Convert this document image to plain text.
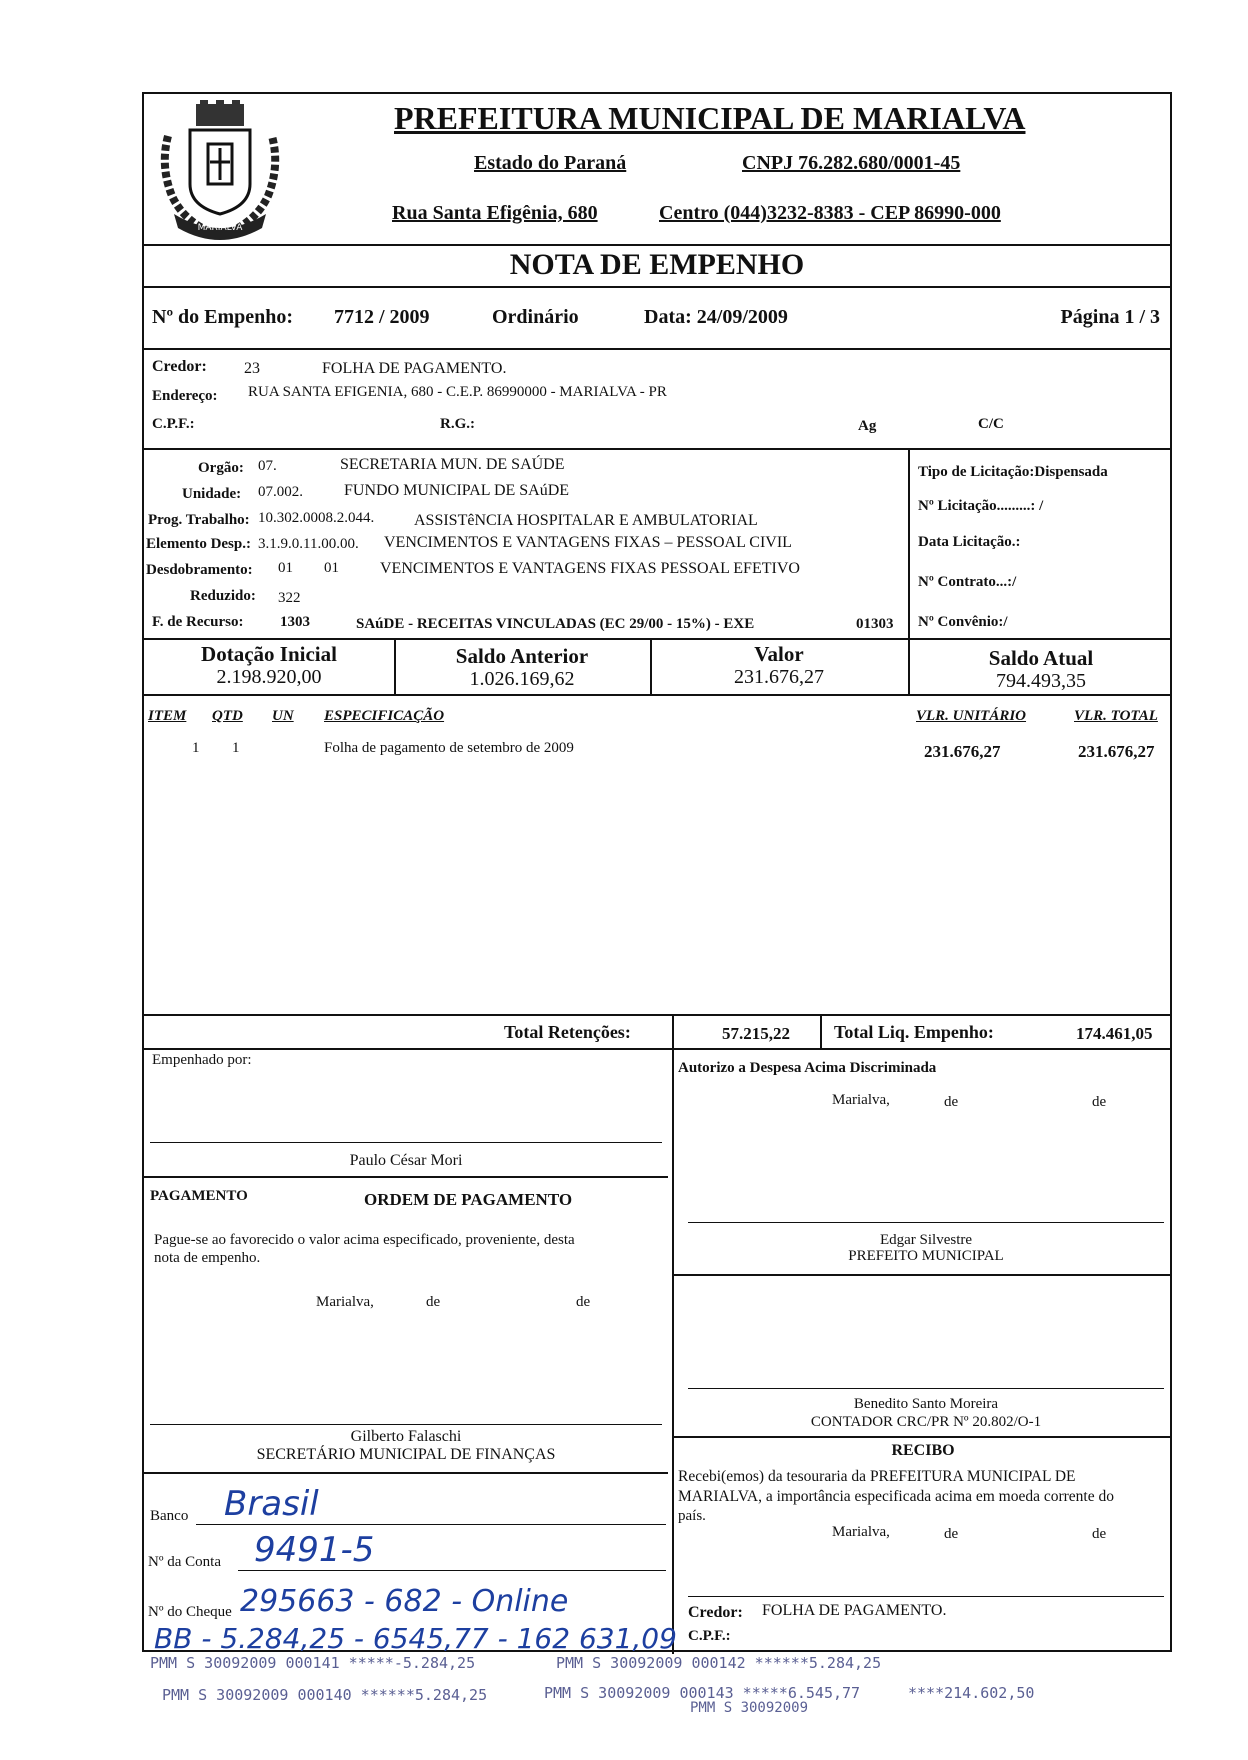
MARIALVA
PREFEITURA MUNICIPAL DE MARIALVA
Estado do Paraná	CNPJ 76.282.680/0001-45
Rua Santa Efigênia, 680	Centro (044)3232-8383 - CEP 86990-000
NOTA DE EMPENHO
Nº do Empenho: 7712 / 2009	Ordinário	Data: 24/09/2009	Página 1 / 3
Credor: 23	FOLHA DE PAGAMENTO.
Endereço: RUA SANTA EFIGENIA, 680 - C.E.P. 86990000 - MARIALVA - PR
C.P.F.:	R.G.:	Ag	C/C
Orgão: 07.	SECRETARIA MUN. DE SAÚDE
Unidade: 07.002.	FUNDO MUNICIPAL DE SAúDE
Prog. Trabalho: 10.302.0008.2.044. ASSISTêNCIA HOSPITALAR E AMBULATORIAL
Elemento Desp.: 3.1.9.0.11.00.00. VENCIMENTOS E VANTAGENS FIXAS – PESSOAL CIVIL
Desdobramento: 01 01	VENCIMENTOS E VANTAGENS FIXAS PESSOAL EFETIVO
Reduzido: 322
F. de Recurso: 1303	SAúDE - RECEITAS VINCULADAS (EC 29/00 - 15%) - EXE	01303
Tipo de Licitação:Dispensada
Nº Licitação.........: /
Data Licitação.:
Nº Contrato...:/
Nº Convênio:/
Dotação Inicial
2.198.920,00
Saldo Anterior
1.026.169,62
Valor
231.676,27
Saldo Atual
794.493,35
ITEM QTD UN ESPECIFICAÇÃO	VLR. UNITÁRIO	VLR. TOTAL
1 1	Folha de pagamento de setembro de 2009	231.676,27	231.676,27
Total Retenções:	57.215,22 Total Liq. Empenho:	174.461,05
Empenhado por:
Paulo César Mori
Autorizo a Despesa Acima Discriminada
Marialva,	de	de
Edgar Silvestre
PREFEITO MUNICIPAL
PAGAMENTO	ORDEM DE PAGAMENTO
Pague-se ao favorecido o valor acima especificado, proveniente, desta
nota de empenho.
Marialva,	de	de
Benedito Santo Moreira
CONTADOR CRC/PR Nº 20.802/O-1
Gilberto Falaschi
SECRETÁRIO MUNICIPAL DE FINANÇAS	RECIBO
Recebi(emos) da tesouraria da PREFEITURA MUNICIPAL DE
MARIALVA, a importância especificada acima em moeda corrente do
país.
Marialva,	de	de
Credor: FOLHA DE PAGAMENTO.
C.P.F.:
Banco Brasil
Nº da Conta 9491-5
Nº do Cheque 295663 - 682 - Online
BB - 5.284,25 - 6545,77 - 162 631,09
PMM S 30092009 000141 *****-5.284,25	PMM S 30092009 000142 ******5.284,25
PMM S 30092009 000140 ******5.284,25	PMM S 30092009 000143 *****6.545,77	****214.602,50
PMM S 30092009
